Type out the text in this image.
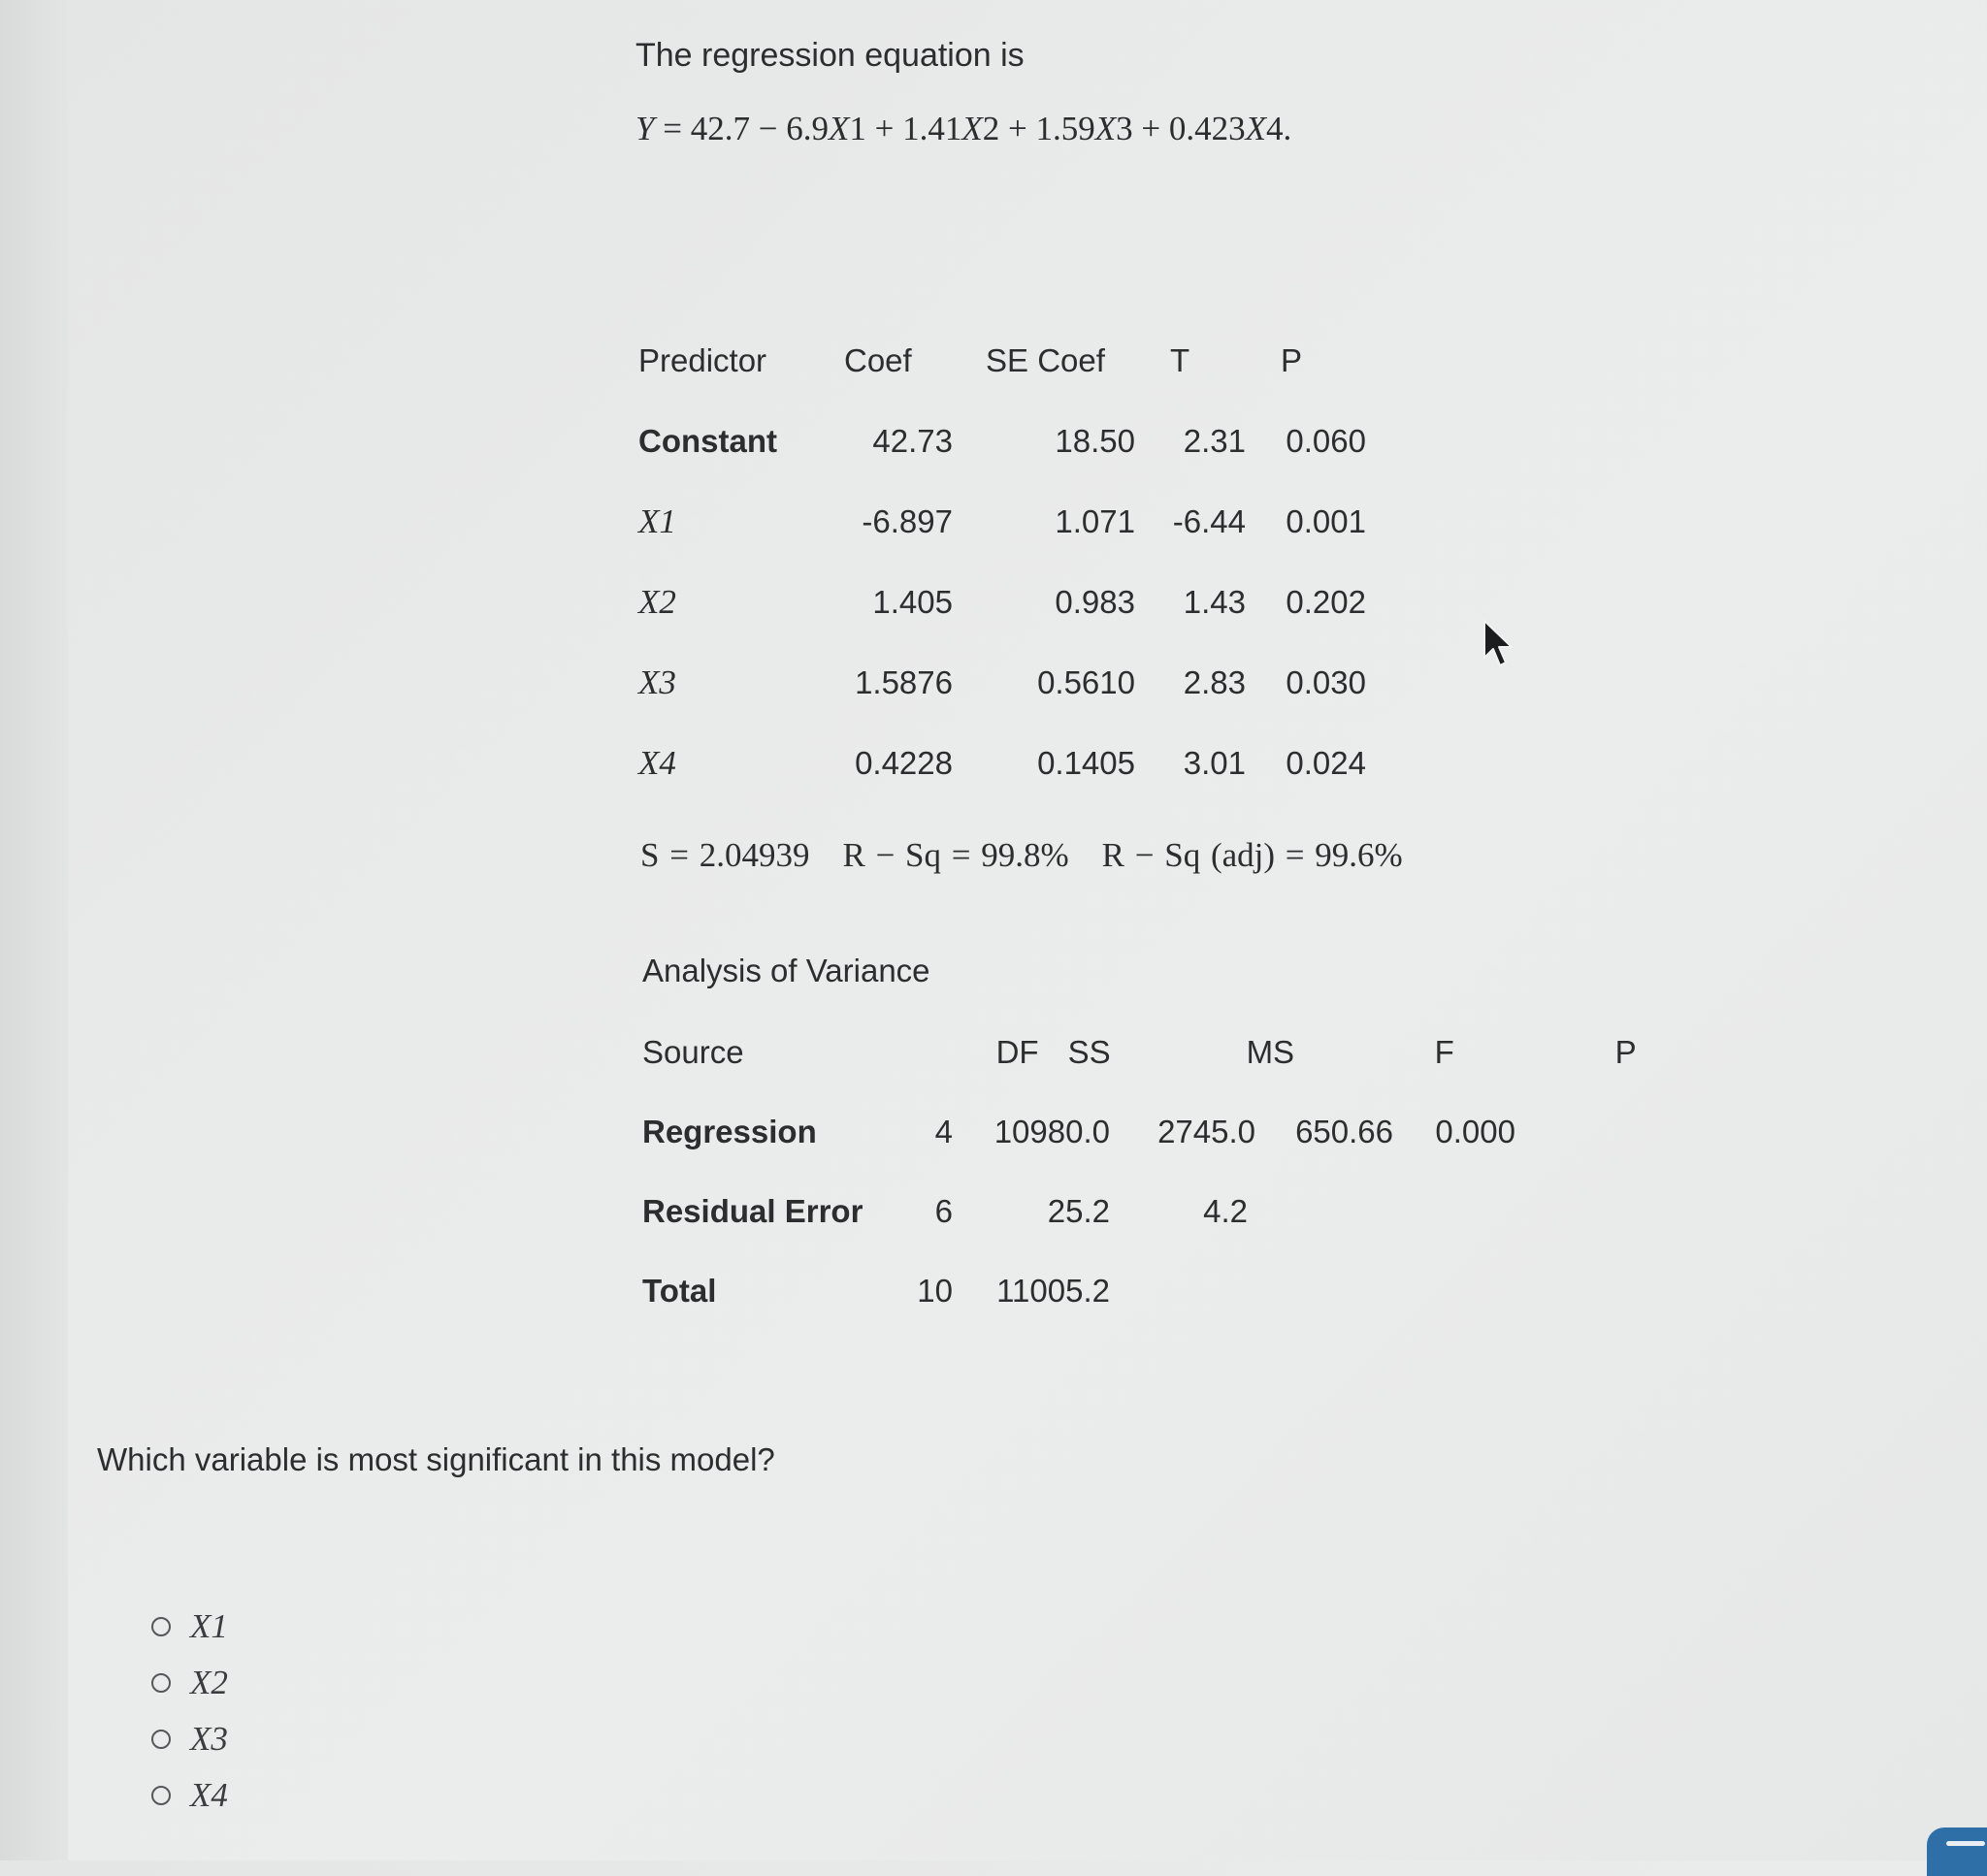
The regression equation is

Y = 42.7 − 6.9X1 + 1.41X2 + 1.59X3 + 0.423X4.
Predictor	Coef	SE Coef	T	P
Constant	42.73	18.50	2.31	0.060
X1	-6.897	1.071	-6.44	0.001
X2	1.405	0.983	1.43	0.202
X3	1.5876	0.5610	2.83	0.030
X4	0.4228	0.1405	3.01	0.024
S = 2.04939 R − Sq = 99.8% R − Sq (adj) = 99.6%

Analysis of Variance

Source	DF	SS	MS	F	P
Regression	4	10980.0	2745.0	650.66	0.000
Residual Error	6	25.2	4.2		
Total	10	11005.2			

Which variable is most significant in this model?

X1
X2
X3
X4
